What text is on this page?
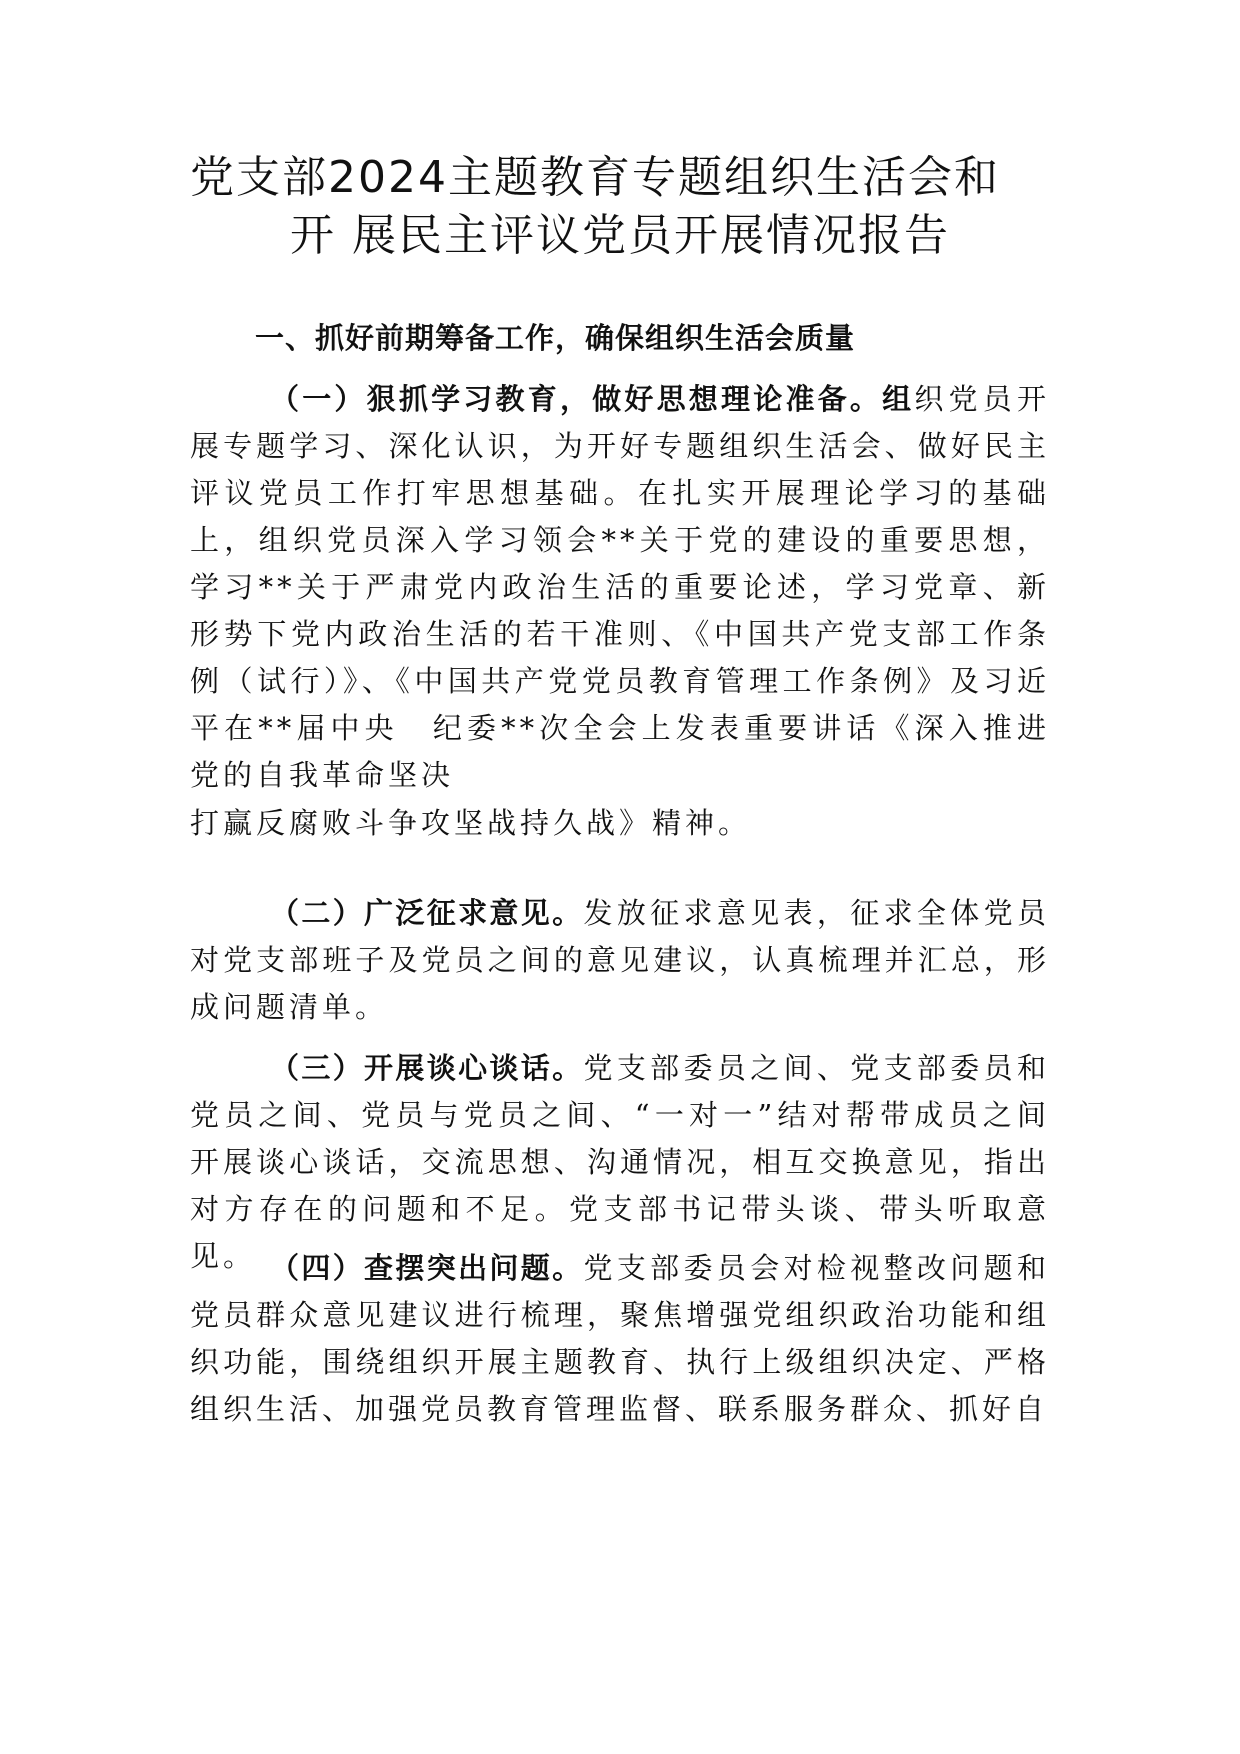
党支部2024主题教育专题组织生活会和
开 展民主评议党员开展情况报告
一、抓好前期筹备工作，确保组织生活会质量

（一）狠抓学习教育，做好思想理论准备。组织党员开展专题学习、深化认识，为开好专题组织生活会、做好民主评议党员工作打牢思想基础。在扎实开展理论学习的基础上，组织党员深入学习领会**关于党的建设的重要思想，学习**关于严肃党内政治生活的重要论述，学习党章、新形势下党内政治生活的若干准则、《中国共产党支部工作条例（试行）》、《中国共产党党员教育管理工作条例》及习近平在**届中央　纪委**次全会上发表重要讲话《深入推进党的自我革命坚决

打赢反腐败斗争攻坚战持久战》精神。

（二）广泛征求意见。发放征求意见表，征求全体党员对党支部班子及党员之间的意见建议，认真梳理并汇总，形成问题清单。

（三）开展谈心谈话。党支部委员之间、党支部委员和党员之间、党员与党员之间、“一对一”结对帮带成员之间开展谈心谈话，交流思想、沟通情况，相互交换意见，指出对方存在的问题和不足。党支部书记带头谈、带头听取意见。 （四）查摆突出问题。党支部委员会对检视整改问题和党员群众意见建议进行梳理，聚焦增强党组织政治功能和组织功能，围绕组织开展主题教育、执行上级组织决定、严格组织生活、加强党员教育管理监督、联系服务群众、抓好自
